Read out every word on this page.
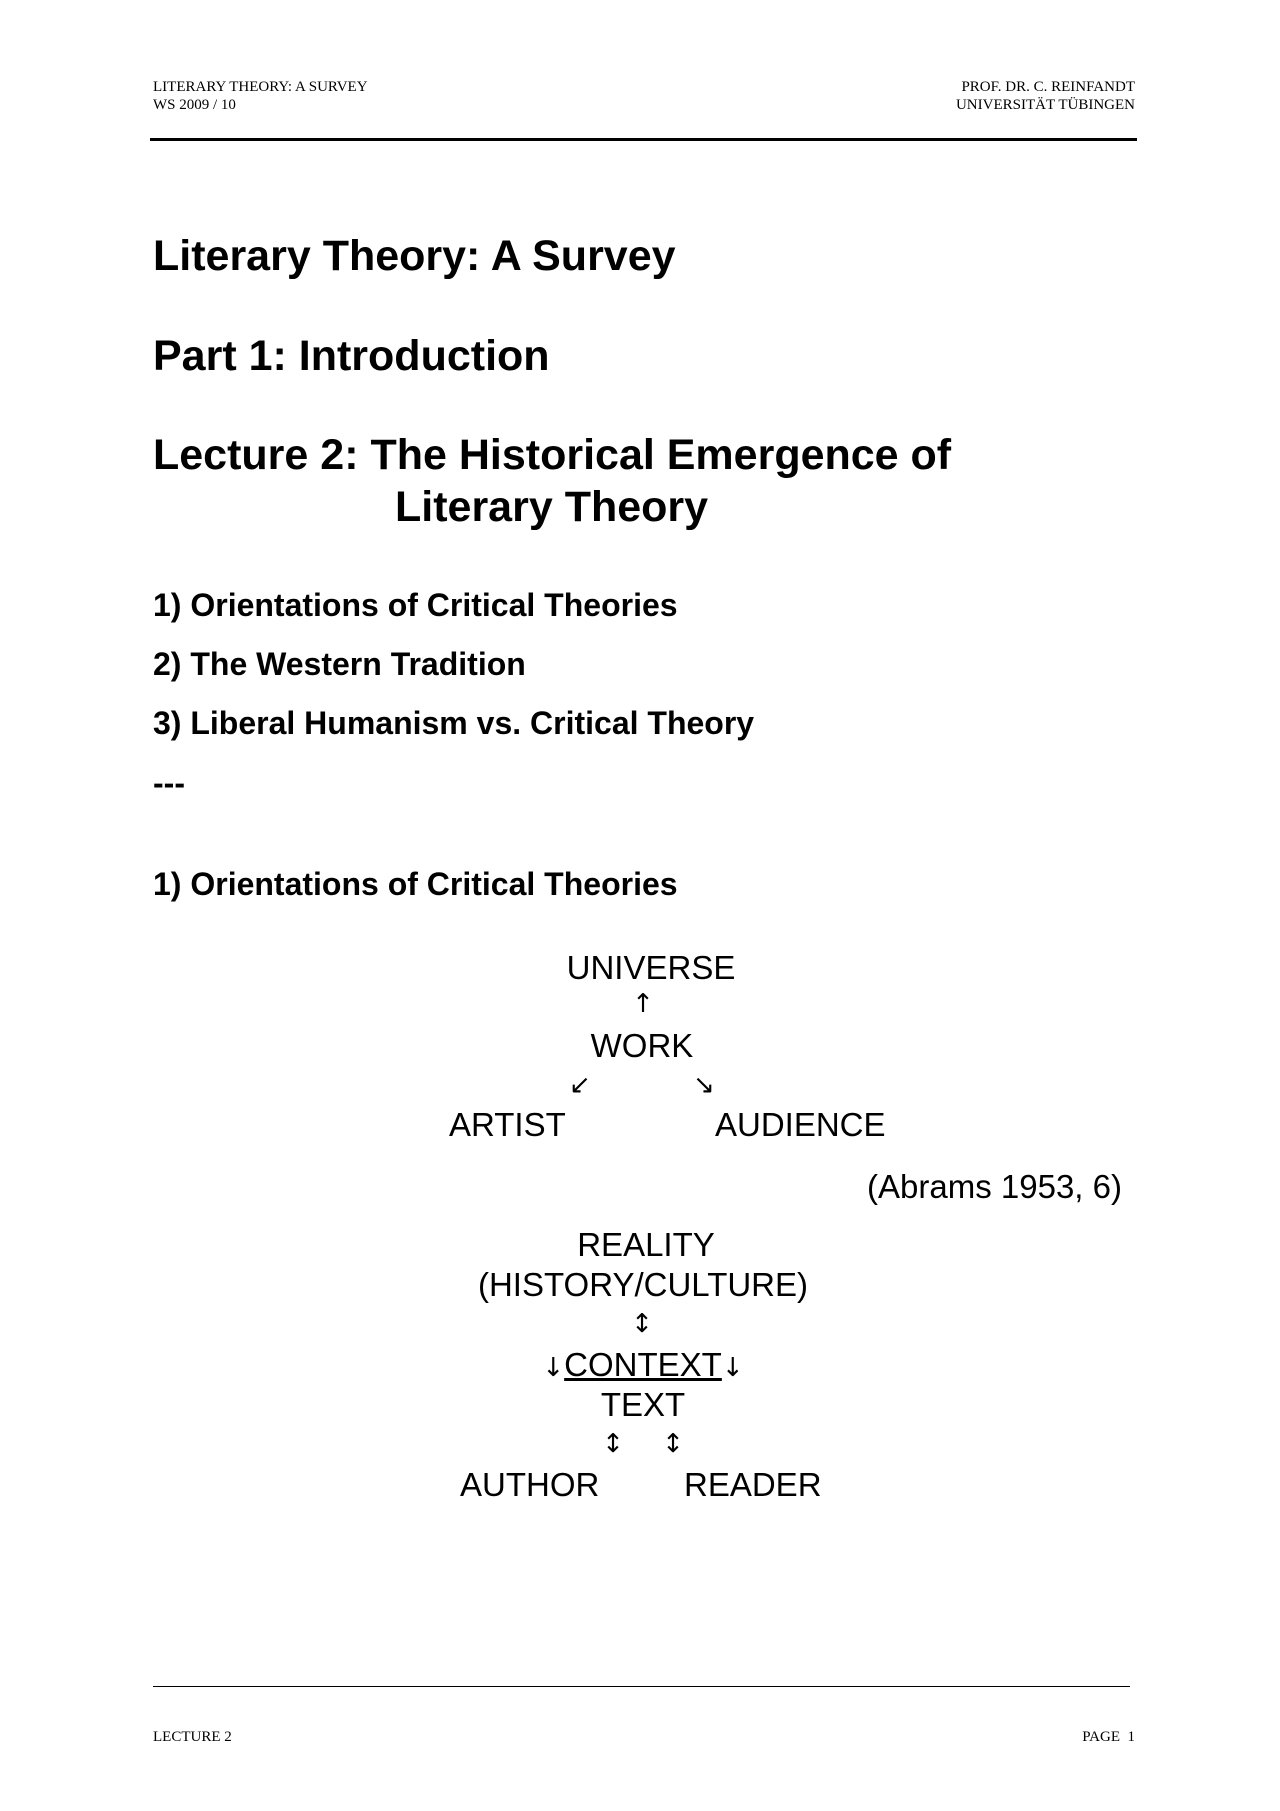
LITERARY THEORY: A SURVEY
WS 2009 / 10
PROF. DR. C. REINFANDT
UNIVERSITÄT TÜBINGEN
Literary Theory: A Survey
Part 1: Introduction
Lecture 2: The Historical Emergence of
Literary Theory
1) Orientations of Critical Theories
2) The Western Tradition
3) Liberal Humanism vs. Critical Theory
---
1) Orientations of Critical Theories
UNIVERSE
↑
WORK
↙	↘
ARTIST	AUDIENCE
(Abrams 1953, 6)
REALITY
(HISTORY/CULTURE)
↕
↓CONTEXT↓
TEXT
↕ ↕
AUTHOR	READER
LECTURE 2	PAGE  1
